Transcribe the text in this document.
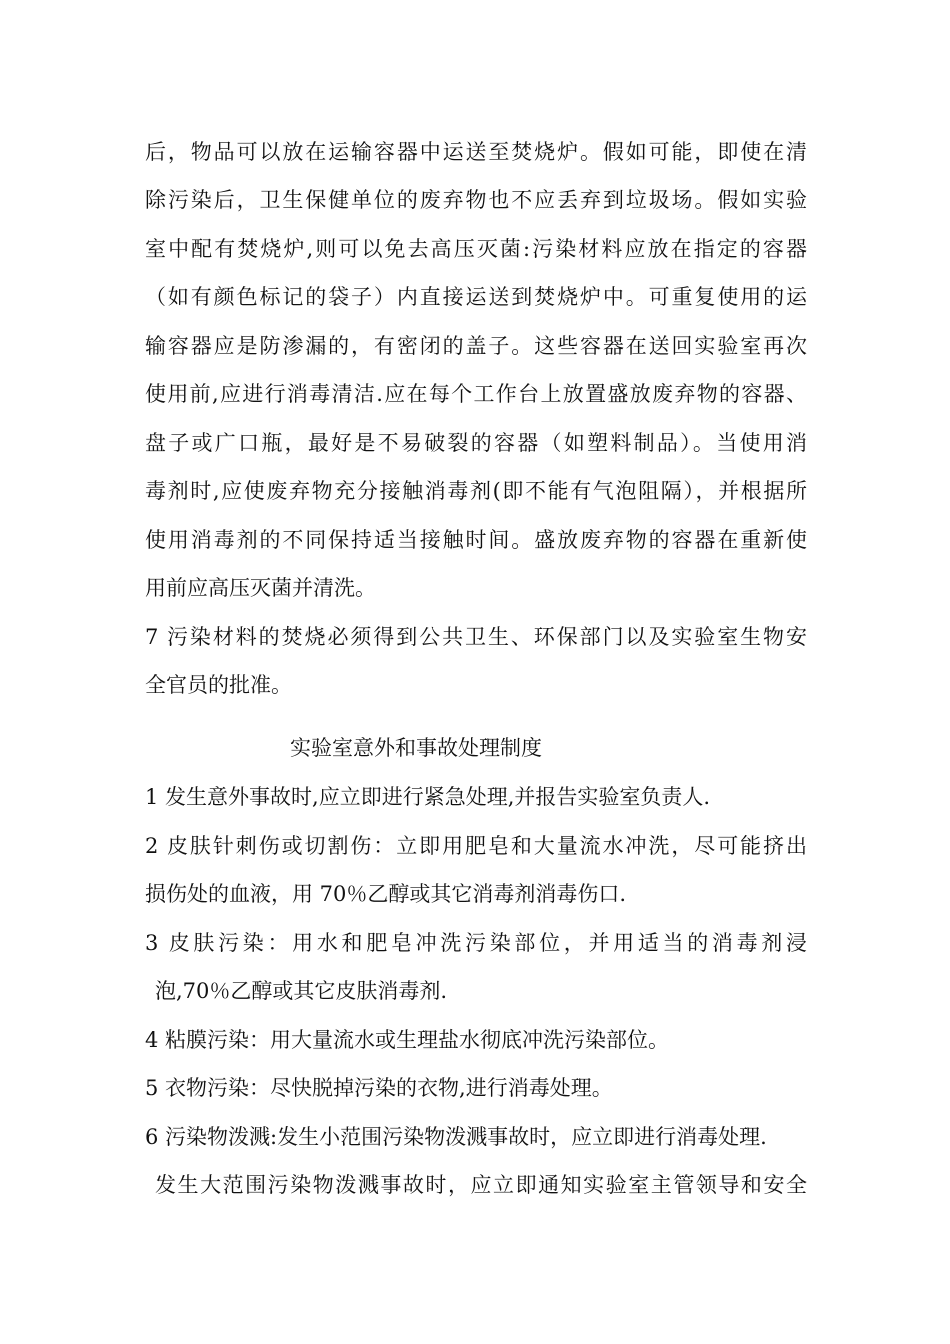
后，物品可以放在运输容器中运送至焚烧炉。假如可能，即使在清
除污染后，卫生保健单位的废弃物也不应丢弃到垃圾场。假如实验
室中配有焚烧炉,则可以免去高压灭菌:污染材料应放在指定的容器
（如有颜色标记的袋子）内直接运送到焚烧炉中。可重复使用的运
输容器应是防渗漏的，有密闭的盖子。这些容器在送回实验室再次
使用前,应进行消毒清洁.应在每个工作台上放置盛放废弃物的容器、
盘子或广口瓶，最好是不易破裂的容器（如塑料制品）。当使用消
毒剂时,应使废弃物充分接触消毒剂(即不能有气泡阻隔），并根据所
使用消毒剂的不同保持适当接触时间。盛放废弃物的容器在重新使
用前应高压灭菌并清洗。
7 污染材料的焚烧必须得到公共卫生、环保部门以及实验室生物安
全官员的批准。
实验室意外和事故处理制度
1 发生意外事故时,应立即进行紧急处理,并报告实验室负责人.
2 皮肤针刺伤或切割伤：立即用肥皂和大量流水冲洗，尽可能挤出
损伤处的血液，用 70％乙醇或其它消毒剂消毒伤口.
3 皮肤污染：用水和肥皂冲洗污染部位，并用适当的消毒剂浸
泡,70％乙醇或其它皮肤消毒剂.
4 粘膜污染：用大量流水或生理盐水彻底冲洗污染部位。
5 衣物污染：尽快脱掉污染的衣物,进行消毒处理。
6 污染物泼溅:发生小范围污染物泼溅事故时，应立即进行消毒处理.
发生大范围污染物泼溅事故时，应立即通知实验室主管领导和安全
